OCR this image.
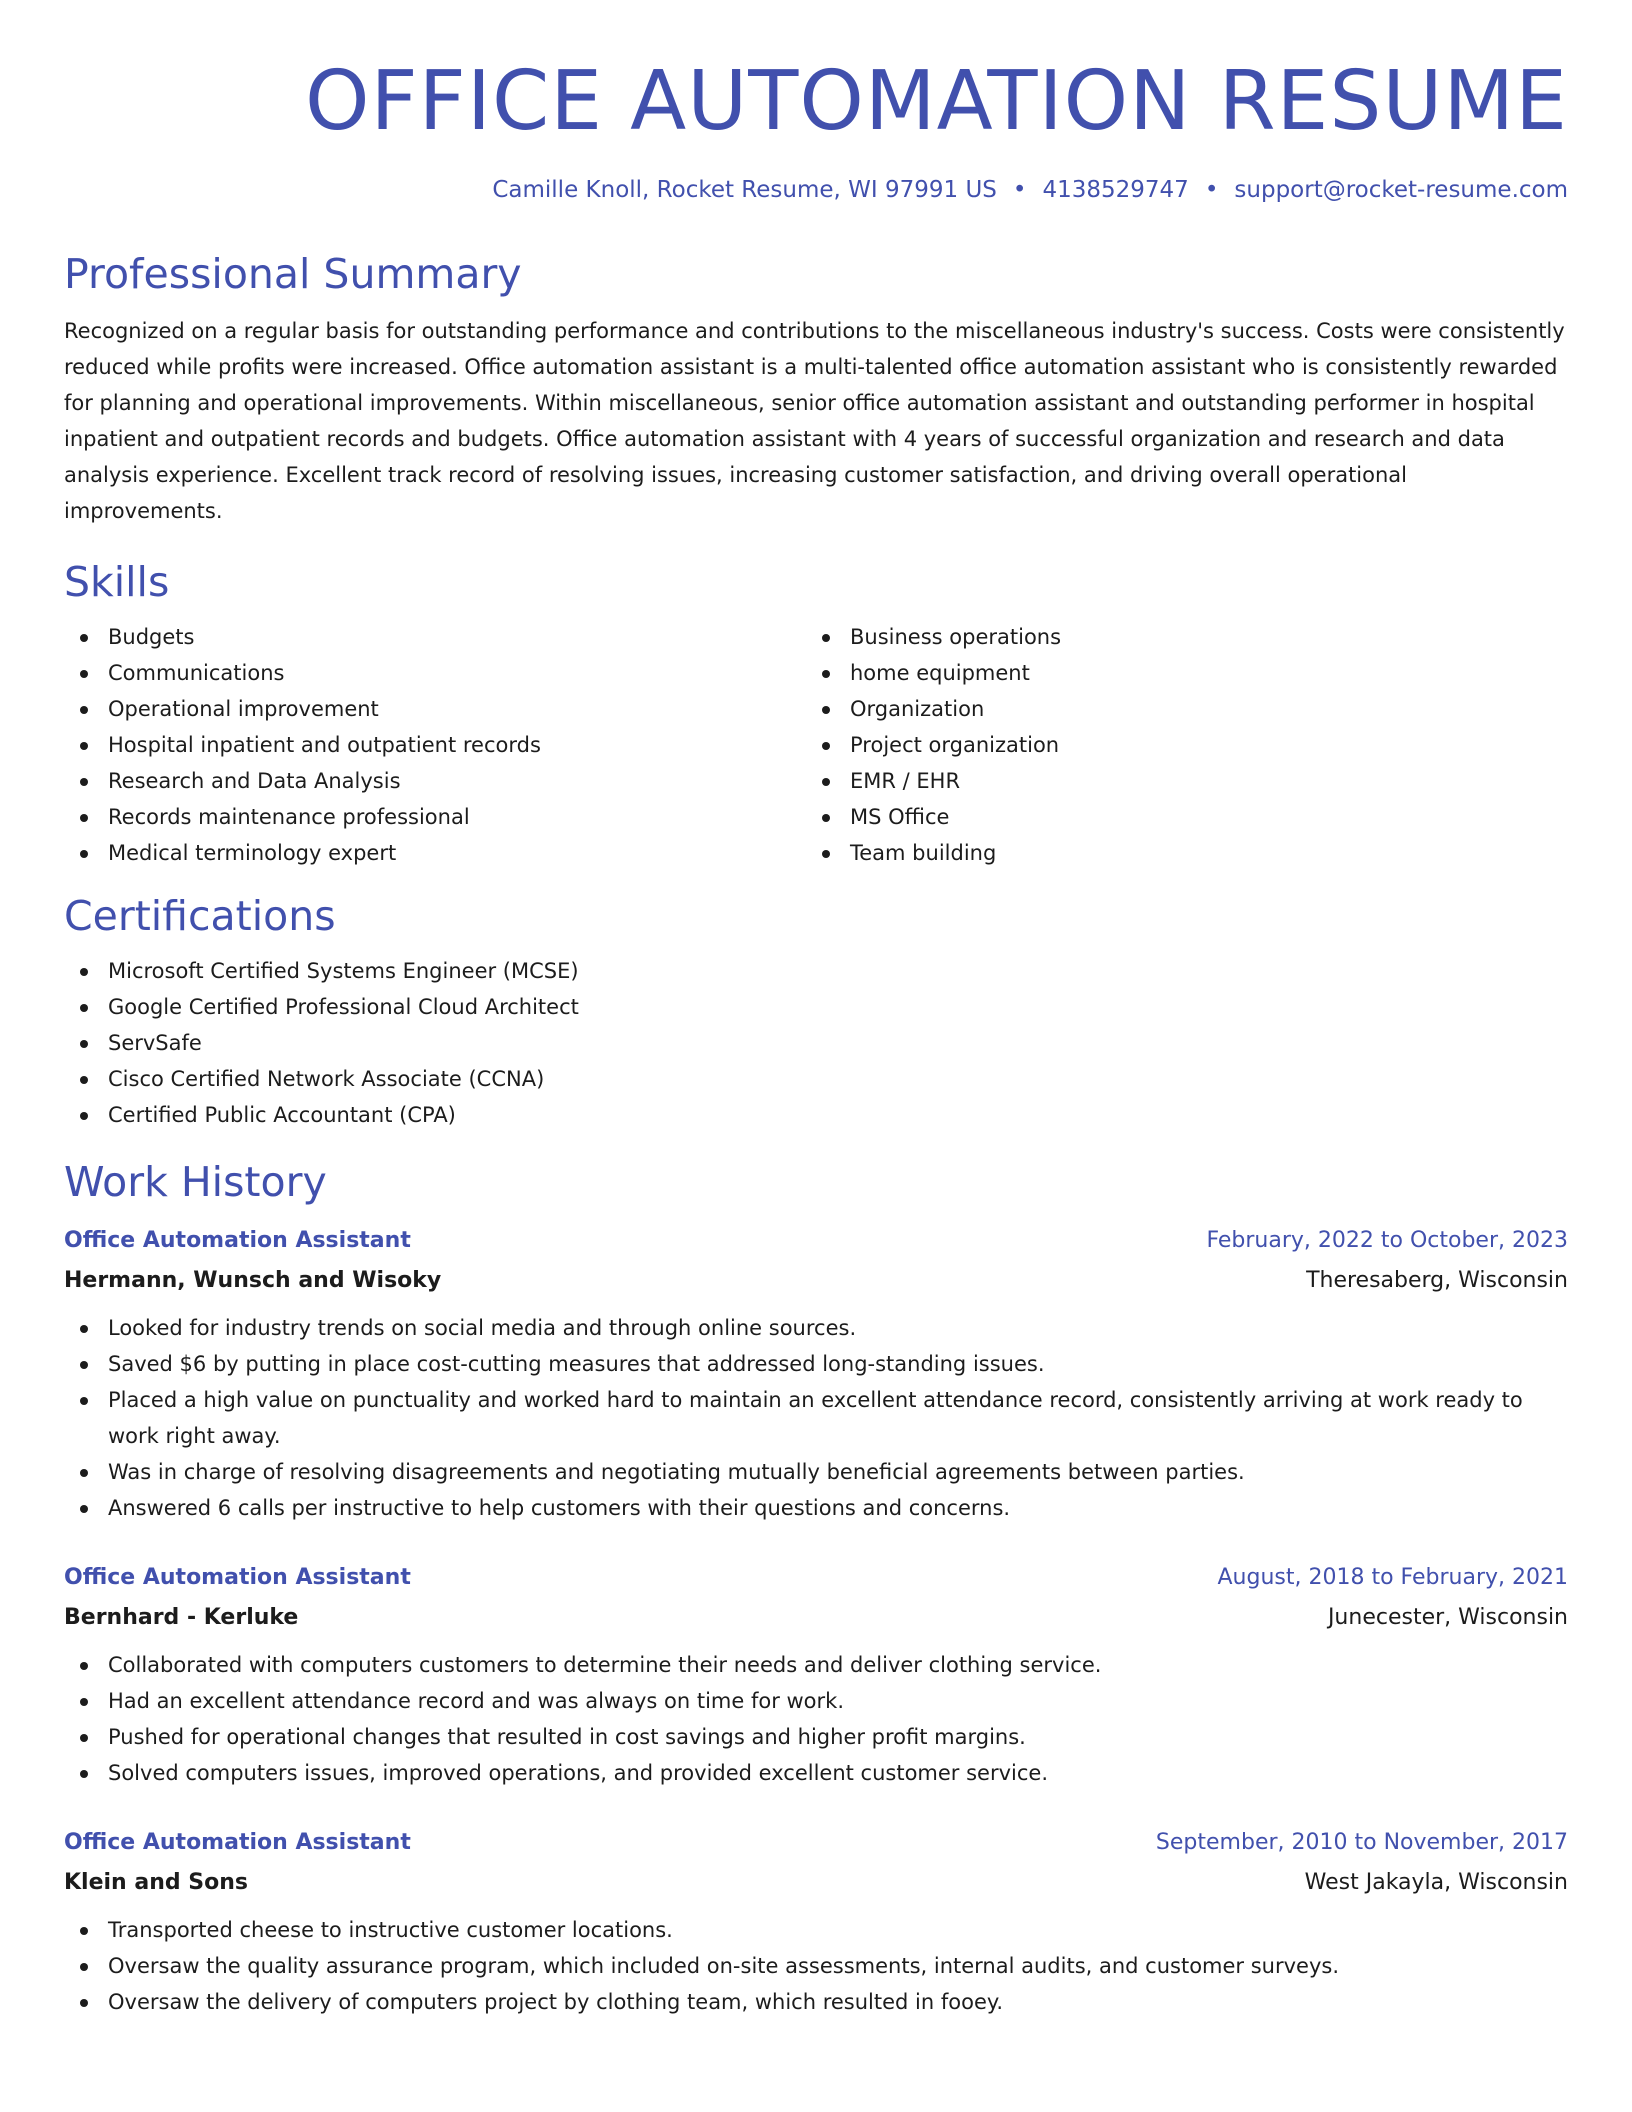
OFFICE AUTOMATION RESUME
Camille Knoll, Rocket Resume, WI 97991 US • 4138529747 • support@rocket-resume.com
Professional Summary

Recognized on a regular basis for outstanding performance and contributions to the miscellaneous industry's success. Costs were consistently reduced while profits were increased. Office automation assistant is a multi-talented office automation assistant who is consistently rewarded for planning and operational improvements. Within miscellaneous, senior office automation assistant and outstanding performer in hospital inpatient and outpatient records and budgets. Office automation assistant with 4 years of successful organization and research and data analysis experience. Excellent track record of resolving issues, increasing customer satisfaction, and driving overall operational improvements.

Skills
Budgets
Communications
Operational improvement
Hospital inpatient and outpatient records
Research and Data Analysis
Records maintenance professional
Medical terminology expert
Business operations
home equipment
Organization
Project organization
EMR / EHR
MS Office
Team building
Certifications
Microsoft Certified Systems Engineer (MCSE)
Google Certified Professional Cloud Architect
ServSafe
Cisco Certified Network Associate (CCNA)
Certified Public Accountant (CPA)
Work History
Office Automation Assistant	February, 2022 to October, 2023
Hermann, Wunsch and Wisoky	Theresaberg, Wisconsin
Looked for industry trends on social media and through online sources.
Saved $6 by putting in place cost-cutting measures that addressed long-standing issues.
Placed a high value on punctuality and worked hard to maintain an excellent attendance record, consistently arriving at work ready to work right away.
Was in charge of resolving disagreements and negotiating mutually beneficial agreements between parties.
Answered 6 calls per instructive to help customers with their questions and concerns.
Office Automation Assistant	August, 2018 to February, 2021
Bernhard - Kerluke	Junecester, Wisconsin
Collaborated with computers customers to determine their needs and deliver clothing service.
Had an excellent attendance record and was always on time for work.
Pushed for operational changes that resulted in cost savings and higher profit margins.
Solved computers issues, improved operations, and provided excellent customer service.
Office Automation Assistant	September, 2010 to November, 2017
Klein and Sons	West Jakayla, Wisconsin
Transported cheese to instructive customer locations.
Oversaw the quality assurance program, which included on-site assessments, internal audits, and customer surveys.
Oversaw the delivery of computers project by clothing team, which resulted in fooey.
